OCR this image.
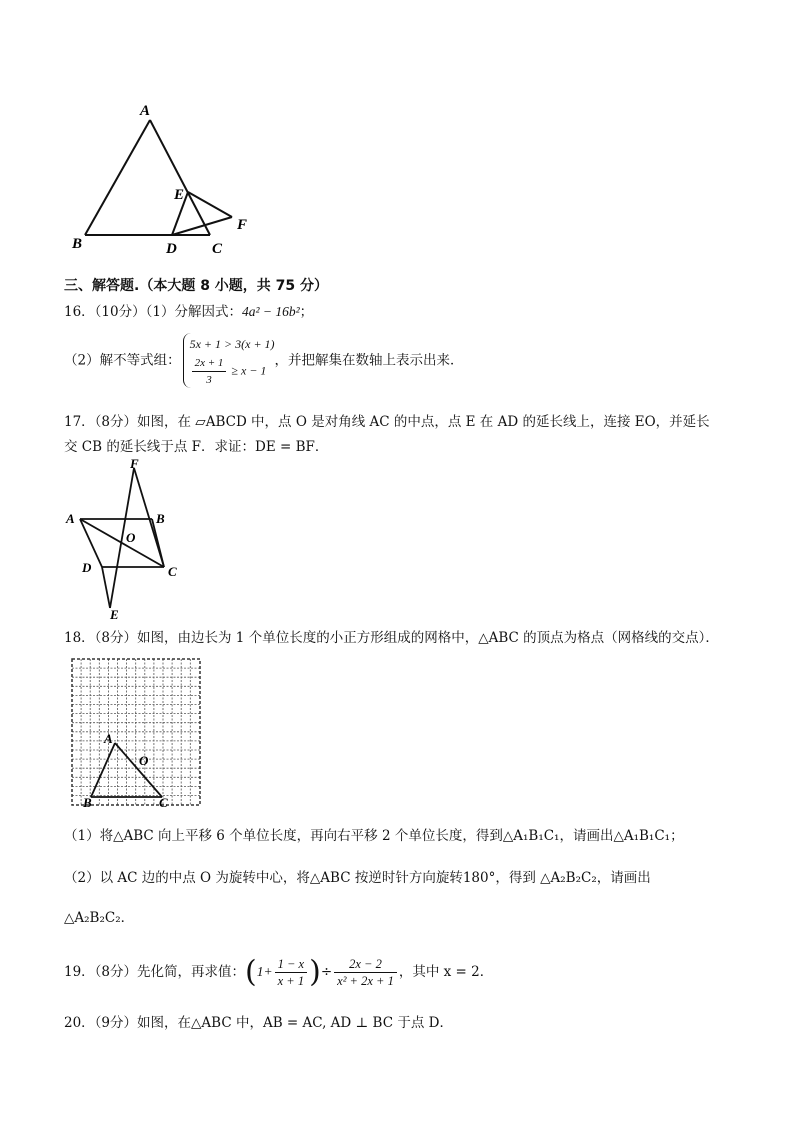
A
B	C
D
E
F
三、解答题.（本大题 8 小题，共 75 分）
16．（10分）（1）分解因式：4a² − 16b²；
（2）解不等式组：
5x + 1 > 3(x + 1)
$\frac{2x + 1}{3} \ge x - 1$
，并把解集在数轴上表示出来．
17．（8分）如图，在 ▱ABCD 中，点 O 是对角线 AC 的中点，点 E 在 AD 的延长线上，连接 EO，并延长
交 CB 的延长线于点 F．求证：DE = BF．
F
A	B
O
D	C
E
18．（8分）如图，由边长为 1 个单位长度的小正方形组成的网格中，△ABC 的顶点为格点（网格线的交点）．
A
O
B	C
（1）将△ABC 向上平移 6 个单位长度，再向右平移 2 个单位长度，得到△A₁B₁C₁，请画出△A₁B₁C₁；
（2）以 AC 边的中点 O 为旋转中心，将△ABC 按逆时针方向旋转180°，得到 △A₂B₂C₂，请画出
△A₂B₂C₂．
19．（8分）先化简，再求值：($1+ \frac{1 - x}{x + 1}$ )÷ $\frac{2x - 2}{\text{x² + 2x + 1}}$ ，其中 x = 2．
20．（9分）如图，在△ABC 中，AB = AC, AD ⊥ BC 于点 D．
